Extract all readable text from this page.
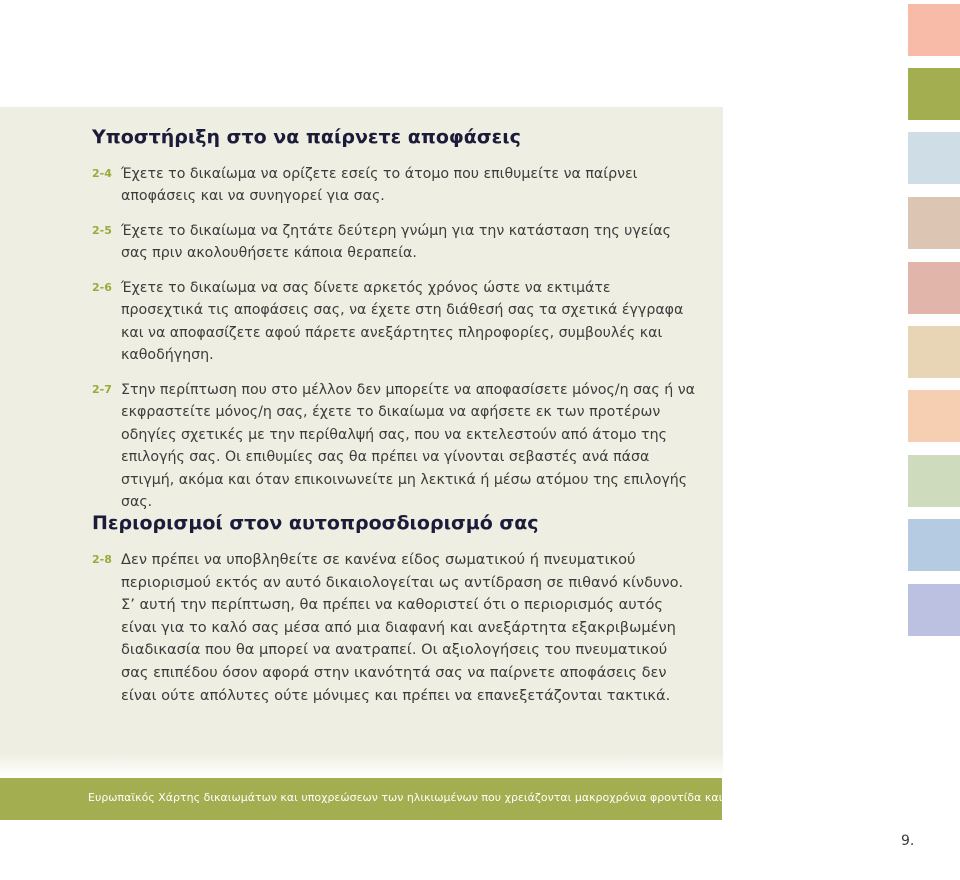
Υποστήριξη στο να παίρνετε αποφάσεις
2-4 Έχετε το δικαίωμα να ορίζετε εσείς το άτομο που επιθυμείτε να παίρνει αποφάσεις και να συνηγορεί για σας.
2-5 Έχετε το δικαίωμα να ζητάτε δεύτερη γνώμη για την κατάσταση της υγείας σας πριν ακολουθήσετε κάποια θεραπεία.
2-6 Έχετε το δικαίωμα να σας δίνετε αρκετός χρόνος ώστε να εκτιμάτε προσεχτικά τις αποφάσεις σας, να έχετε στη διάθεσή σας τα σχετικά έγγραφα και να αποφασίζετε αφού πάρετε ανεξάρτητες πληροφορίες, συμβουλές και καθοδήγηση.
2-7 Στην περίπτωση που στο μέλλον δεν μπορείτε να αποφασίσετε μόνος/η σας ή να εκφραστείτε μόνος/η σας, έχετε το δικαίωμα να αφήσετε εκ των προτέρων οδηγίες σχετικές με την περίθαλψή σας, που να εκτελεστούν από άτομο της επιλογής σας. Οι επιθυμίες σας θα πρέπει να γίνονται σεβαστές ανά πάσα στιγμή, ακόμα και όταν επικοινωνείτε μη λεκτικά ή μέσω ατόμου της επιλογής σας.
Περιορισμοί στον αυτοπροσδιορισμό σας
2-8 Δεν πρέπει να υποβληθείτε σε κανένα είδος σωματικού ή πνευματικού περιορισμού εκτός αν αυτό δικαιολογείται ως αντίδραση σε πιθανό κίνδυνο. Σ’ αυτή την περίπτωση, θα πρέπει να καθοριστεί ότι ο περιορισμός αυτός είναι για το καλό σας μέσα από μια διαφανή και ανεξάρτητα εξακριβωμένη διαδικασία που θα μπορεί να ανατραπεί. Οι αξιολογήσεις του πνευματικού σας επιπέδου όσον αφορά στην ικανότητά σας να παίρνετε αποφάσεις δεν είναι ούτε απόλυτες ούτε μόνιμες και πρέπει να επανεξετάζονται τακτικά.
Ευρωπαϊκός Χάρτης δικαιωμάτων και υποχρεώσεων των ηλικιωμένων που χρειάζονται μακροχρόνια φροντίδα και βοήθεια
9.
